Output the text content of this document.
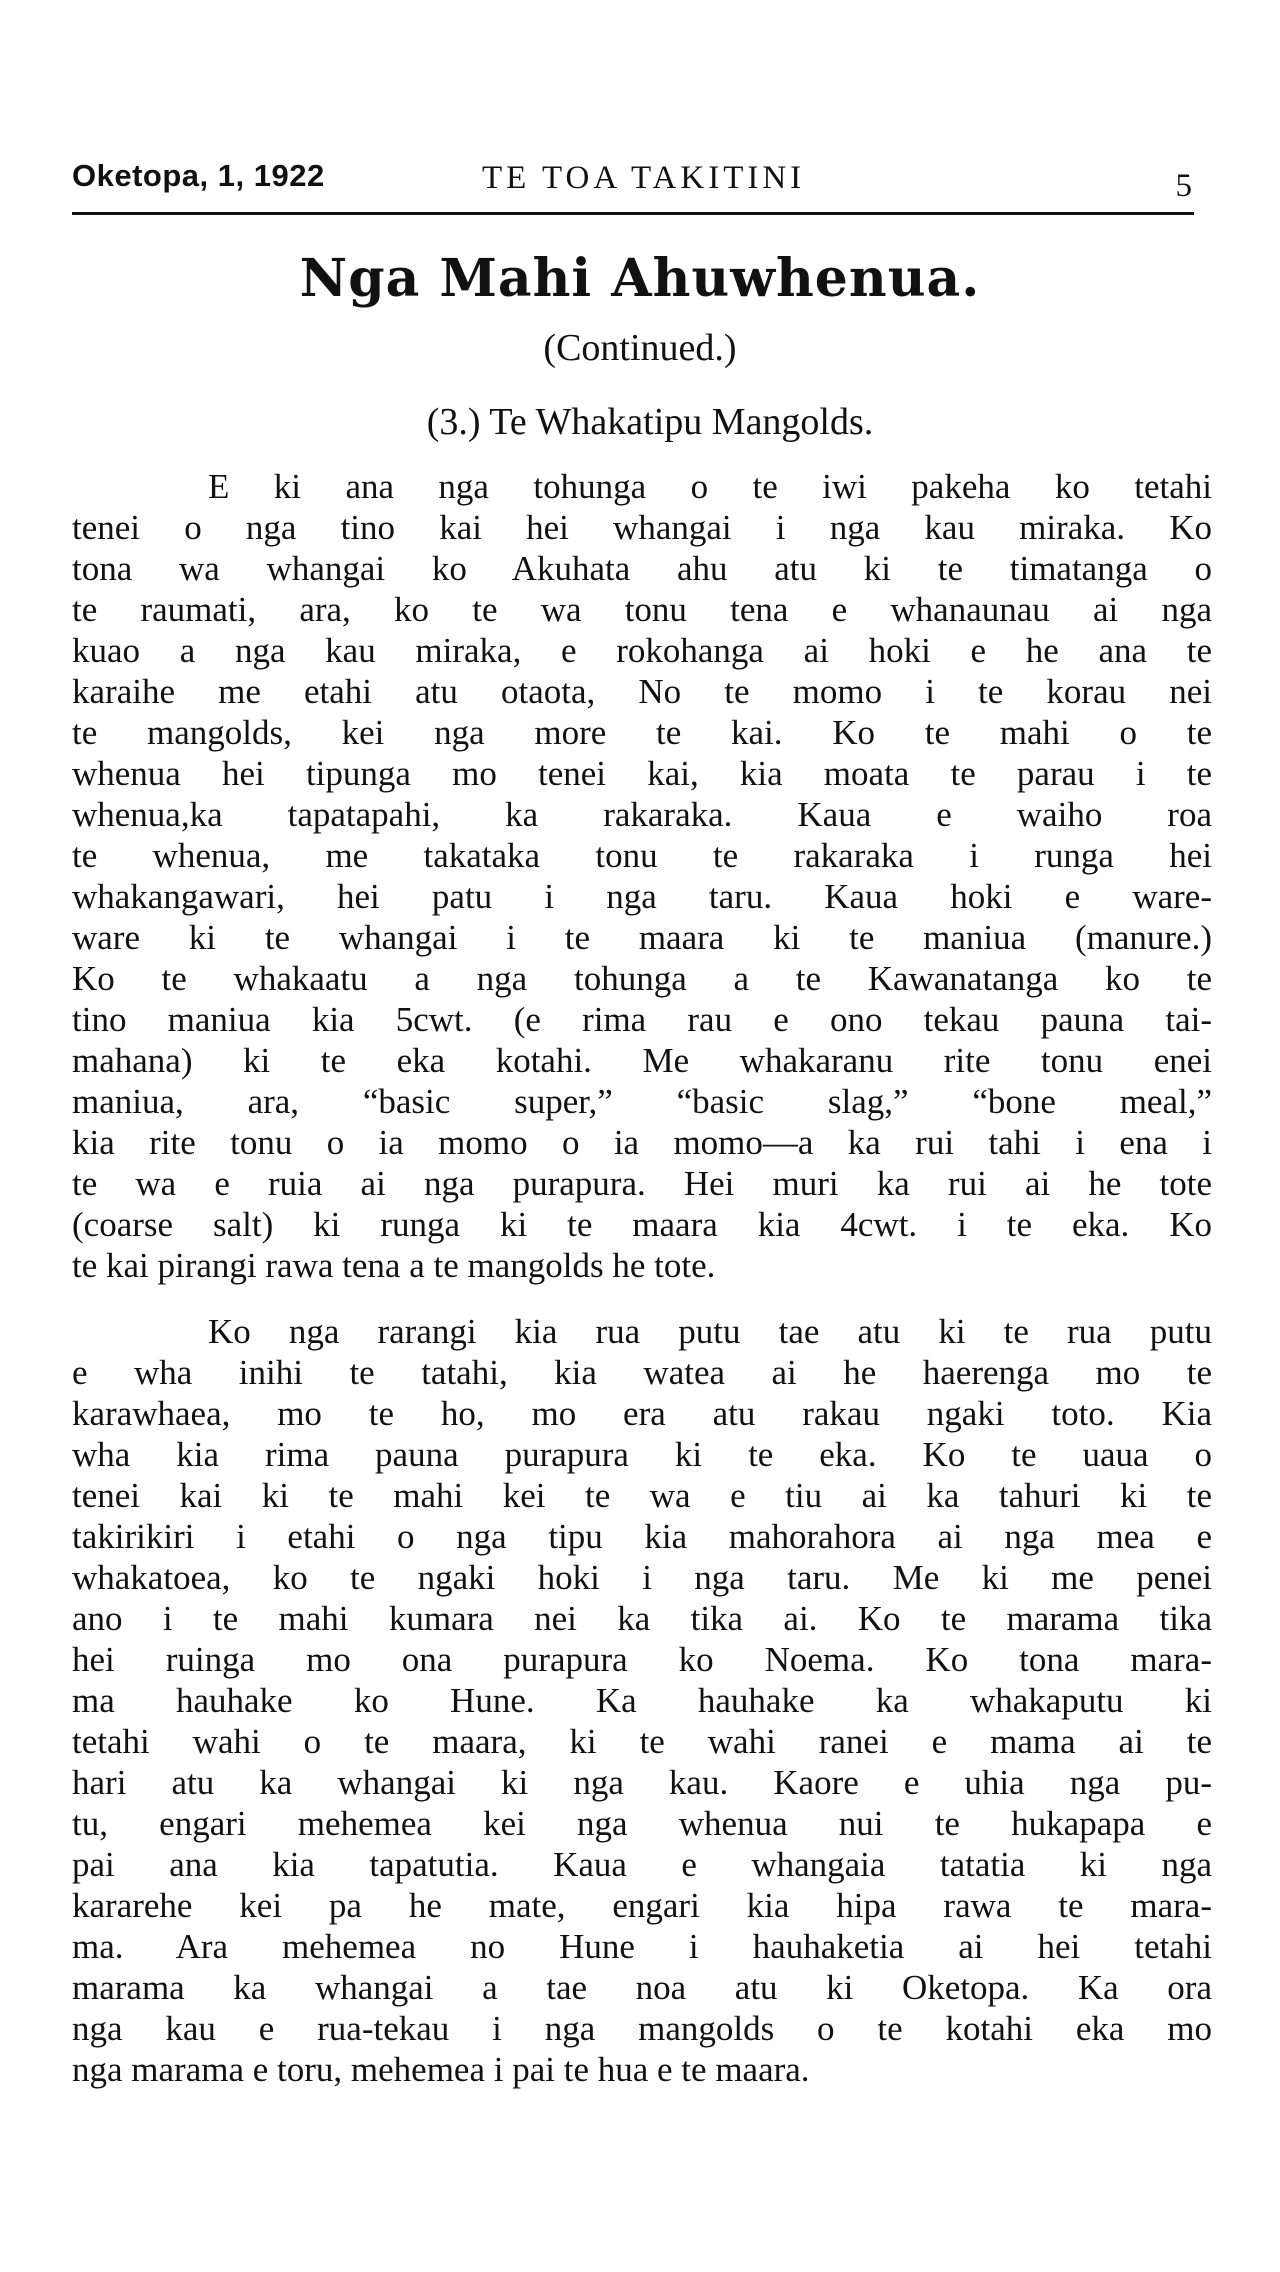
Oketopa, 1, 1922	TE TOA TAKITINI	5
Nga Mahi Ahuwhenua.
(Continued.)
(3.) Te Whakatipu Mangolds.
E ki ana nga tohunga o te iwi pakeha ko tetahi
tenei o nga tino kai hei whangai i nga kau miraka. Ko
tona wa whangai ko Akuhata ahu atu ki te timatanga o
te raumati, ara, ko te wa tonu tena e whanaunau ai nga
kuao a nga kau miraka, e rokohanga ai hoki e he ana te
karaihe me etahi atu otaota, No te momo i te korau nei
te mangolds, kei nga more te kai. Ko te mahi o te
whenua hei tipunga mo tenei kai, kia moata te parau i te
whenua,ka tapatapahi, ka rakaraka. Kaua e waiho roa
te whenua, me takataka tonu te rakaraka i runga hei
whakangawari, hei patu i nga taru. Kaua hoki e ware-
ware ki te whangai i te maara ki te maniua (manure.)
Ko te whakaatu a nga tohunga a te Kawanatanga ko te
tino maniua kia 5cwt. (e rima rau e ono tekau pauna tai-
mahana) ki te eka kotahi. Me whakaranu rite tonu enei
maniua, ara, “basic super,” “basic slag,” “bone meal,”
kia rite tonu o ia momo o ia momo—a ka rui tahi i ena i
te wa e ruia ai nga purapura. Hei muri ka rui ai he tote
(coarse salt) ki runga ki te maara kia 4cwt. i te eka. Ko
te kai pirangi rawa tena a te mangolds he tote.
Ko nga rarangi kia rua putu tae atu ki te rua putu
e wha inihi te tatahi, kia watea ai he haerenga mo te
karawhaea, mo te ho, mo era atu rakau ngaki toto. Kia
wha kia rima pauna purapura ki te eka. Ko te uaua o
tenei kai ki te mahi kei te wa e tiu ai ka tahuri ki te
takirikiri i etahi o nga tipu kia mahorahora ai nga mea e
whakatoea, ko te ngaki hoki i nga taru. Me ki me penei
ano i te mahi kumara nei ka tika ai. Ko te marama tika
hei ruinga mo ona purapura ko Noema. Ko tona mara-
ma hauhake ko Hune. Ka hauhake ka whakaputu ki
tetahi wahi o te maara, ki te wahi ranei e mama ai te
hari atu ka whangai ki nga kau. Kaore e uhia nga pu-
tu, engari mehemea kei nga whenua nui te hukapapa e
pai ana kia tapatutia. Kaua e whangaia tatatia ki nga
kararehe kei pa he mate, engari kia hipa rawa te mara-
ma. Ara mehemea no Hune i hauhaketia ai hei tetahi
marama ka whangai a tae noa atu ki Oketopa. Ka ora
nga kau e rua-tekau i nga mangolds o te kotahi eka mo
nga marama e toru, mehemea i pai te hua e te maara.
